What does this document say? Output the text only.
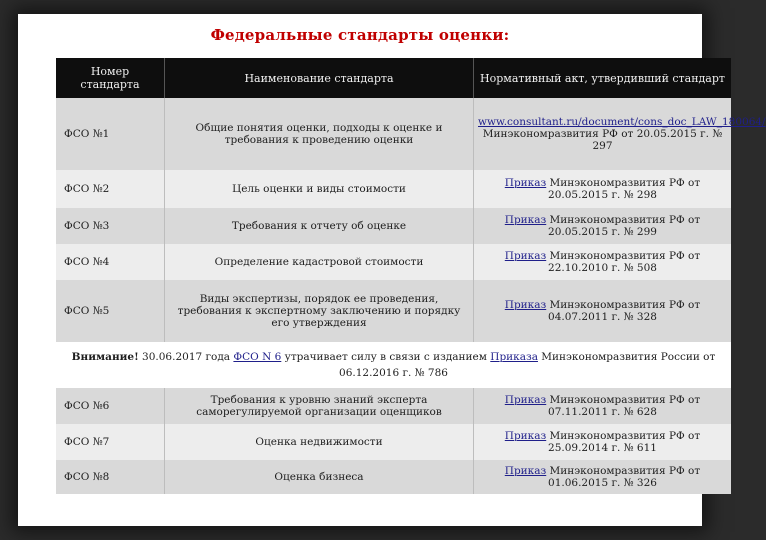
Федеральные стандарты оценки:
Номер стандарта	Наименование стандарта	Нормативный акт, утвердивший стандарт
ФСО №1	Общие понятия оценки, подходы к оценке и требования к проведению оценки	www.consultant.ru/document/cons_doc_LAW_180064/ Минэкономразвития РФ от 20.05.2015 г. № 297
ФСО №2	Цель оценки и виды стоимости	Приказ Минэкономразвития РФ от 20.05.2015 г. № 298
ФСО №3	Требования к отчету об оценке	Приказ Минэкономразвития РФ от 20.05.2015 г. № 299
ФСО №4	Определение кадастровой стоимости	Приказ Минэкономразвития РФ от 22.10.2010 г. № 508
ФСО №5	Виды экспертизы, порядок ее проведения, требования к экспертному заключению и порядку его утверждения	Приказ Минэкономразвития РФ от 04.07.2011 г. № 328
Внимание! 30.06.2017 года ФСО N 6 утрачивает силу в связи с изданием Приказа Минэкономразвития России от 06.12.2016 г. № 786		
ФСО №6	Требования к уровню знаний эксперта саморегулируемой организации оценщиков	Приказ Минэкономразвития РФ от 07.11.2011 г. № 628
ФСО №7	Оценка недвижимости	Приказ Минэкономразвития РФ от 25.09.2014 г. № 611
ФСО №8	Оценка бизнеса	Приказ Минэкономразвития РФ от 01.06.2015 г. № 326
